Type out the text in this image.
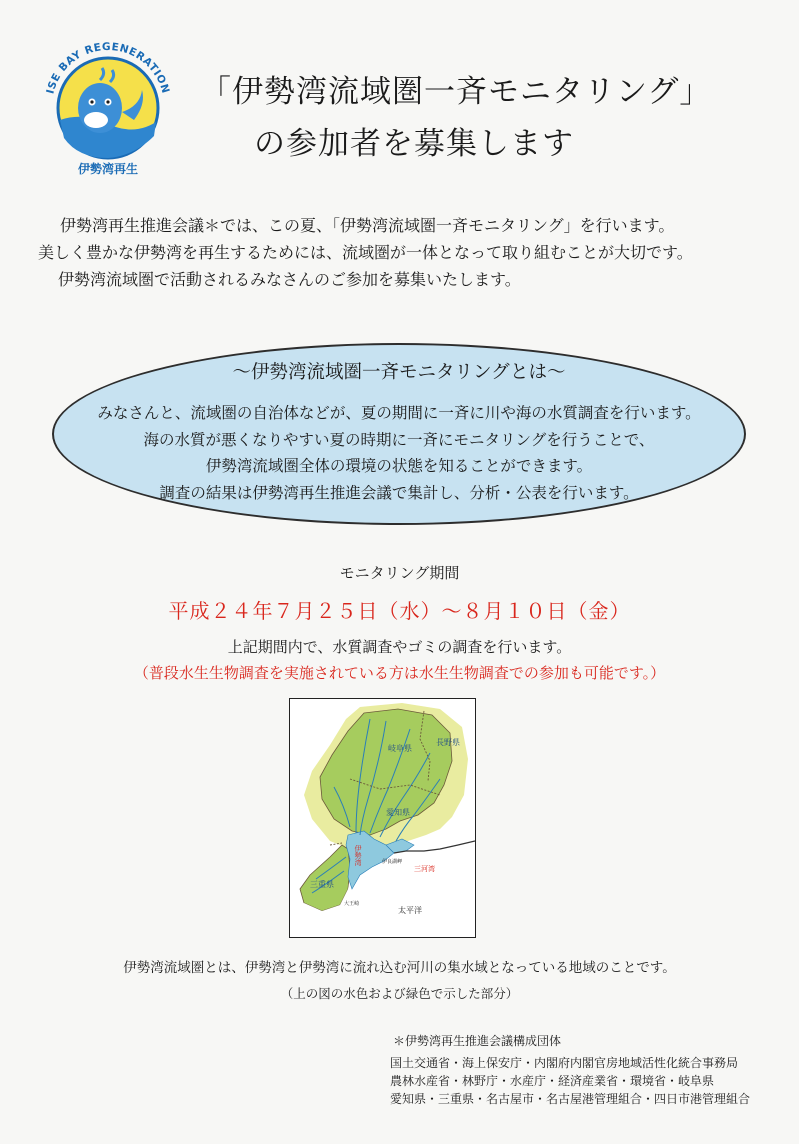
ISE BAY REGENERATION
伊勢湾再生
「伊勢湾流域圏一斉モニタリング」
の参加者を募集します
伊勢湾再生推進会議＊では、この夏、「伊勢湾流域圏一斉モニタリング」を行います。
美しく豊かな伊勢湾を再生するためには、流域圏が一体となって取り組むことが大切です。
伊勢湾流域圏で活動されるみなさんのご参加を募集いたします。
～伊勢湾流域圏一斉モニタリングとは～
みなさんと、流域圏の自治体などが、夏の期間に一斉に川や海の水質調査を行います。
海の水質が悪くなりやすい夏の時期に一斉にモニタリングを行うことで、
伊勢湾流域圏全体の環境の状態を知ることができます。
調査の結果は伊勢湾再生推進会議で集計し、分析・公表を行います。
モニタリング期間
平成２４年７月２５日（水）～８月１０日（金）
上記期間内で、水質調査やゴミの調査を行います。
（普段水生生物調査を実施されている方は水生生物調査での参加も可能です。）
岐阜県
長野県
愛知県
三重県
伊勢湾
三河湾
太平洋
伊良湖岬
大王崎
伊勢湾流域圏とは、伊勢湾と伊勢湾に流れ込む河川の集水域となっている地域のことです。
（上の図の水色および緑色で示した部分）
＊伊勢湾再生推進会議構成団体
国土交通省・海上保安庁・内閣府内閣官房地域活性化統合事務局
農林水産省・林野庁・水産庁・経済産業省・環境省・岐阜県
愛知県・三重県・名古屋市・名古屋港管理組合・四日市港管理組合
